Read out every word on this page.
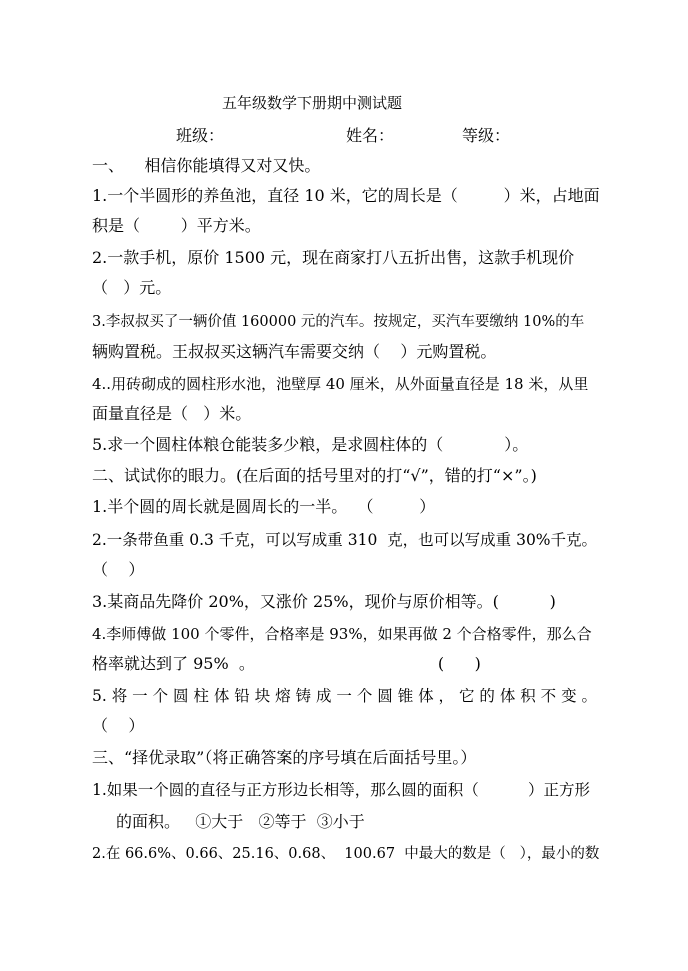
五年级数学下册期中测试题
班级：	姓名：	等级：
一、    相信你能填得又对又快。
1.一个半圆形的养鱼池，直径 10 米，它的周长是（         ）米，占地面
积是（        ）平方米。
2.一款手机，原价 1500 元，现在商家打八五折出售，这款手机现价
（   ）元。
3.李叔叔买了一辆价值 160000 元的汽车。按规定，买汽车要缴纳 10%的车
辆购置税。王叔叔买这辆汽车需要交纳（    ）元购置税。
4..用砖砌成的圆柱形水池，池壁厚 40 厘米，从外面量直径是 18 米，从里
面量直径是（   ）米。
5.求一个圆柱体粮仓能装多少粮，是求圆柱体的（            ）。
二、试试你的眼力。(在后面的括号里对的打“√”，错的打“×”。)
1.半个圆的周长就是圆周长的一半。  （         ）
2.一条带鱼重 0.3 千克，可以写成重 310  克，也可以写成重 30%千克。
（    ）
3.某商品先降价 20%，又涨价 25%，现价与原价相等。(          )
4.李师傅做 100 个零件，合格率是 93%，如果再做 2 个合格零件，那么合
格率就达到了 95%  。                                    (      )
5. 将 一 个 圆 柱 体 铅 块 熔 铸 成 一 个 圆 锥 体 ， 它 的 体 积 不 变 。
（    ）
三、“择优录取”（将正确答案的序号填在后面括号里。）
1.如果一个圆的直径与正方形边长相等，那么圆的面积（          ）正方形
的面积。   ①大于   ②等于  ③小于
2.在 66.6%、0.66、25.16、0.68、  100.67  中最大的数是（   ），最小的数
